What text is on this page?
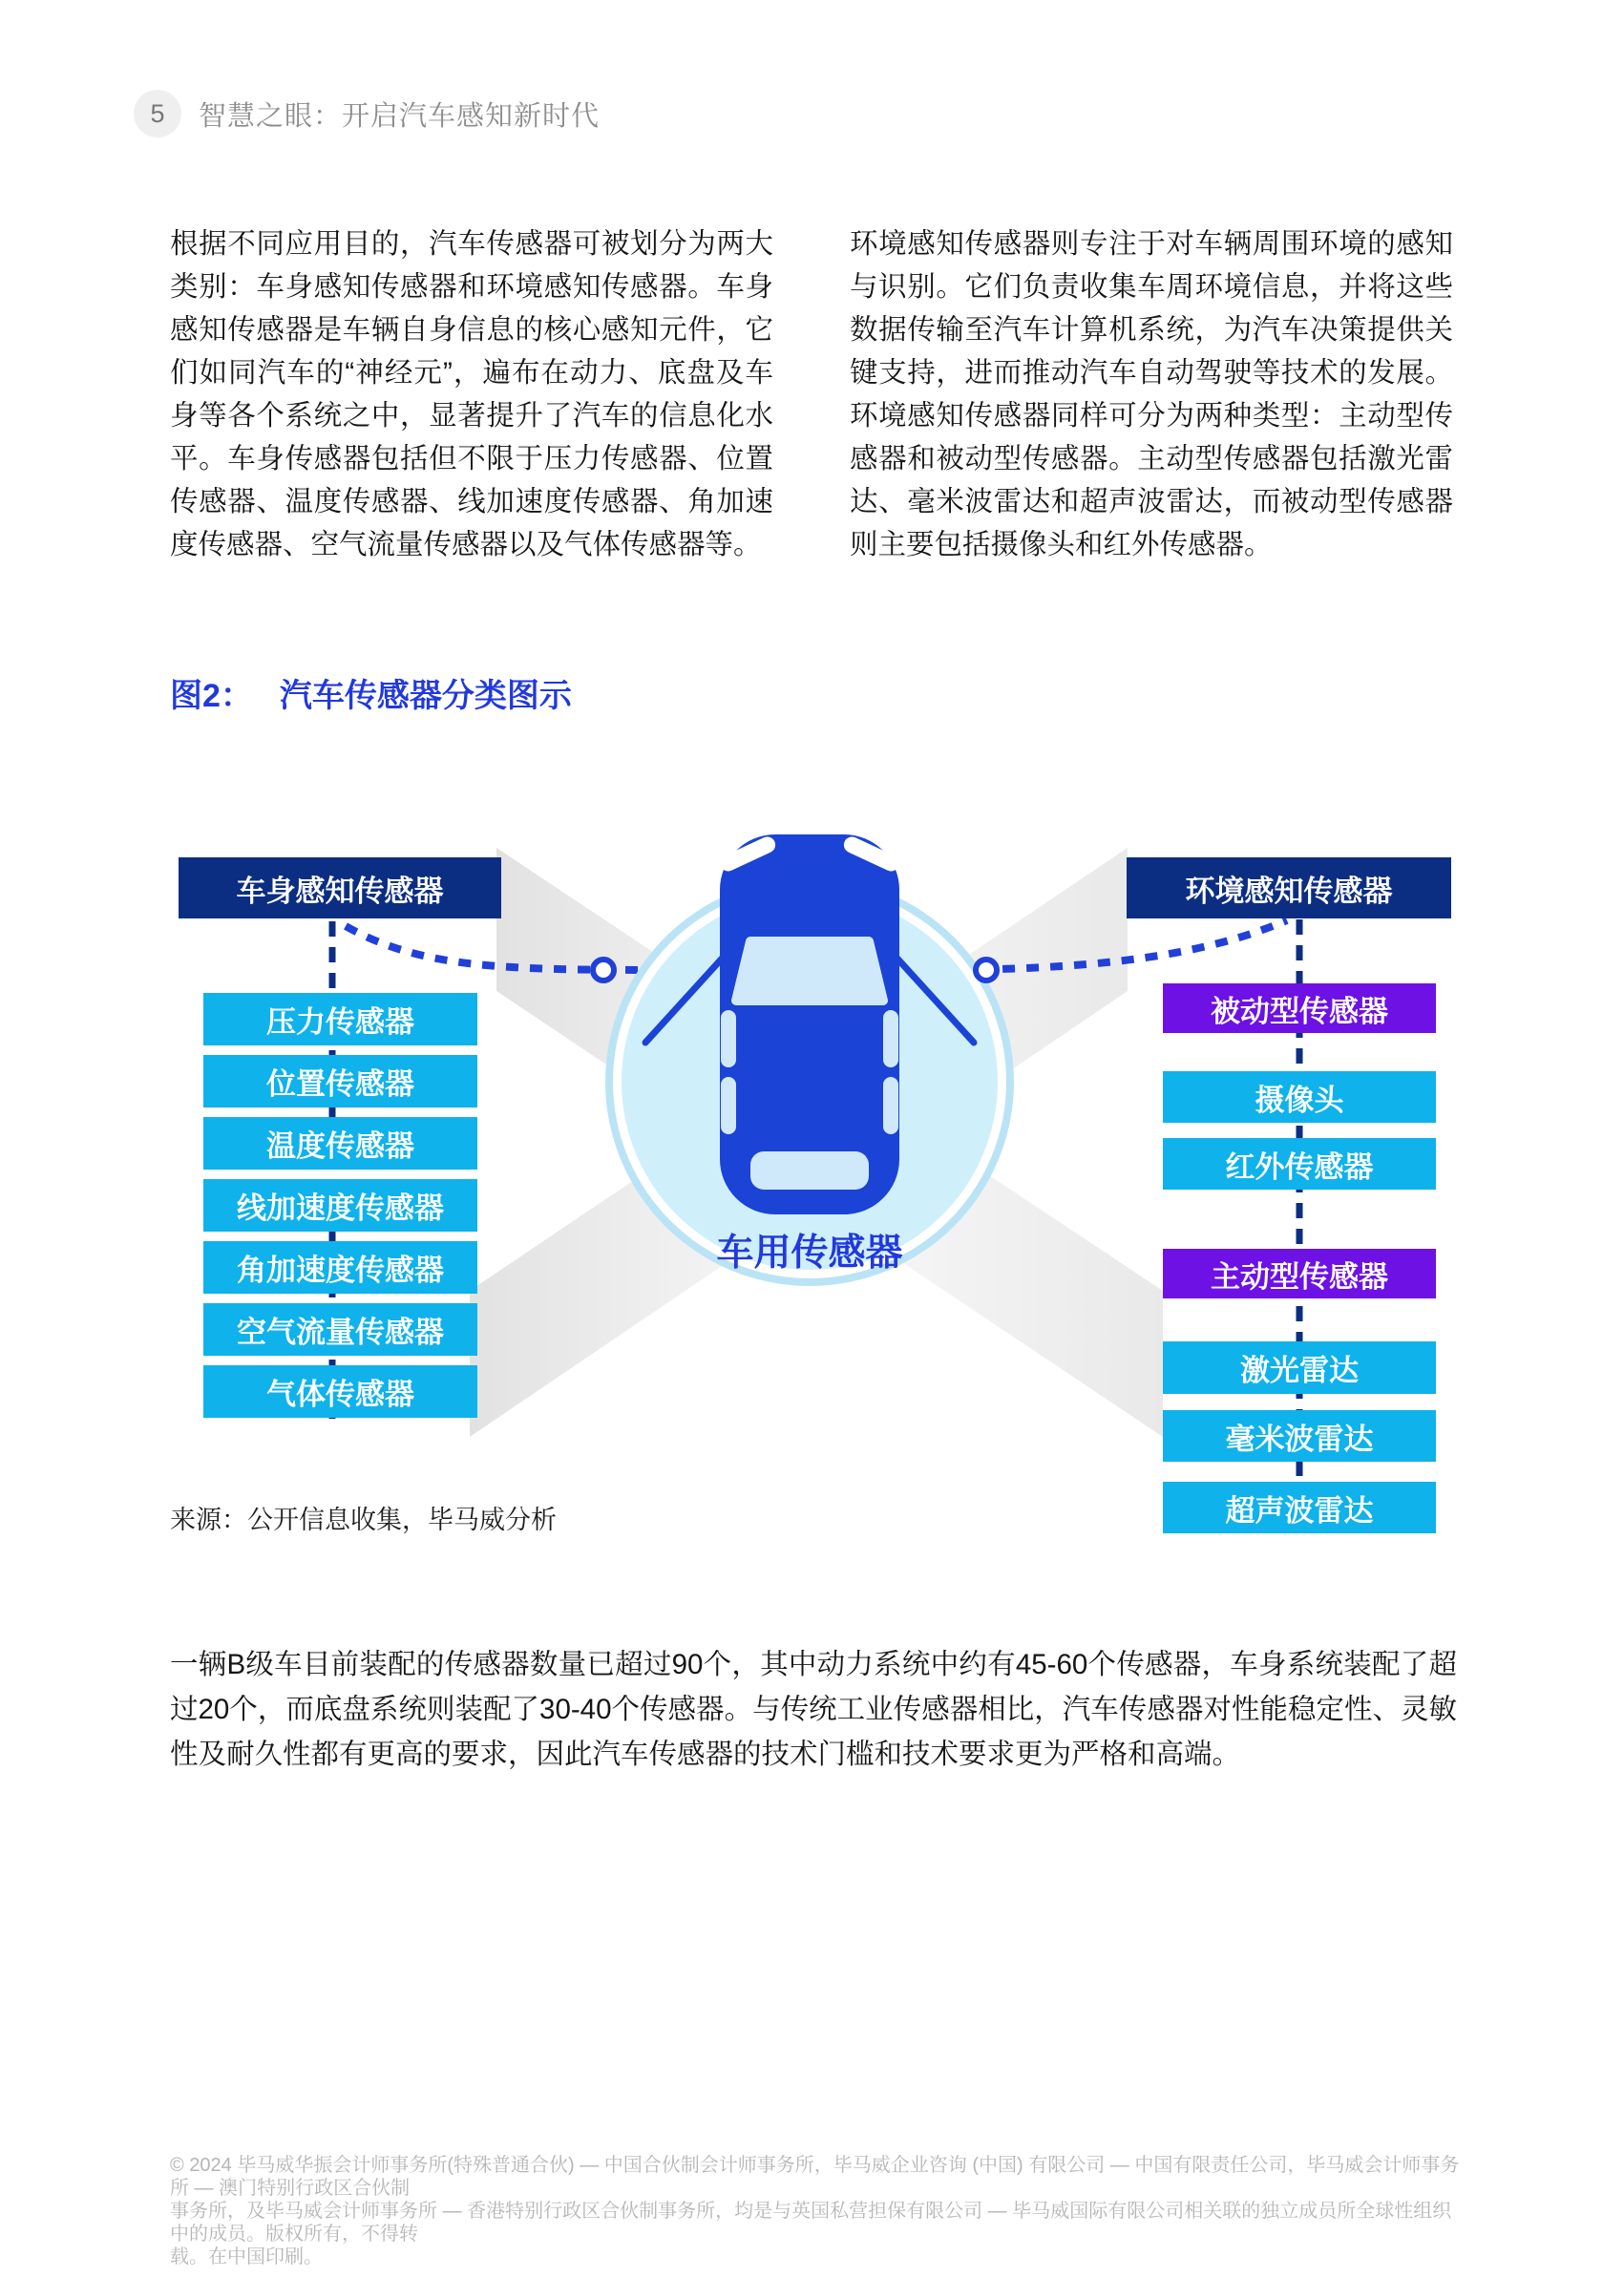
5	智慧之眼：开启汽车感知新时代
根据不同应用目的，汽车传感器可被划分为两大类别：车身感知传感器和环境感知传感器。车身感知传感器是车辆自身信息的核心感知元件，它们如同汽车的“神经元”，遍布在动力、底盘及车身等各个系统之中，显著提升了汽车的信息化水平。车身传感器包括但不限于压力传感器、位置传感器、温度传感器、线加速度传感器、角加速度传感器、空气流量传感器以及气体传感器等。
环境感知传感器则专注于对车辆周围环境的感知与识别。它们负责收集车周环境信息，并将这些数据传输至汽车计算机系统，为汽车决策提供关键支持，进而推动汽车自动驾驶等技术的发展。环境感知传感器同样可分为两种类型：主动型传感器和被动型传感器。主动型传感器包括激光雷达、毫米波雷达和超声波雷达，而被动型传感器则主要包括摄像头和红外传感器。
图2： 汽车传感器分类图示
车身感知传感器
压力传感器
位置传感器
温度传感器
线加速度传感器
角加速度传感器
空气流量传感器
气体传感器
环境感知传感器
被动型传感器
摄像头
红外传感器
主动型传感器
激光雷达
毫米波雷达
超声波雷达
车用传感器
来源：公开信息收集，毕马威分析
一辆B级车目前装配的传感器数量已超过90个，其中动力系统中约有45-60个传感器，车身系统装配了超过20个，而底盘系统则装配了30-40个传感器。与传统工业传感器相比，汽车传感器对性能稳定性、灵敏性及耐久性都有更高的要求，因此汽车传感器的技术门槛和技术要求更为严格和高端。
© 2024 毕马威华振会计师事务所(特殊普通合伙) — 中国合伙制会计师事务所，毕马威企业咨询 (中国) 有限公司 — 中国有限责任公司，毕马威会计师事务所 — 澳门特别行政区合伙制
事务所，及毕马威会计师事务所 — 香港特别行政区合伙制事务所，均是与英国私营担保有限公司 — 毕马威国际有限公司相关联的独立成员所全球性组织中的成员。版权所有，不得转
载。在中国印刷。
